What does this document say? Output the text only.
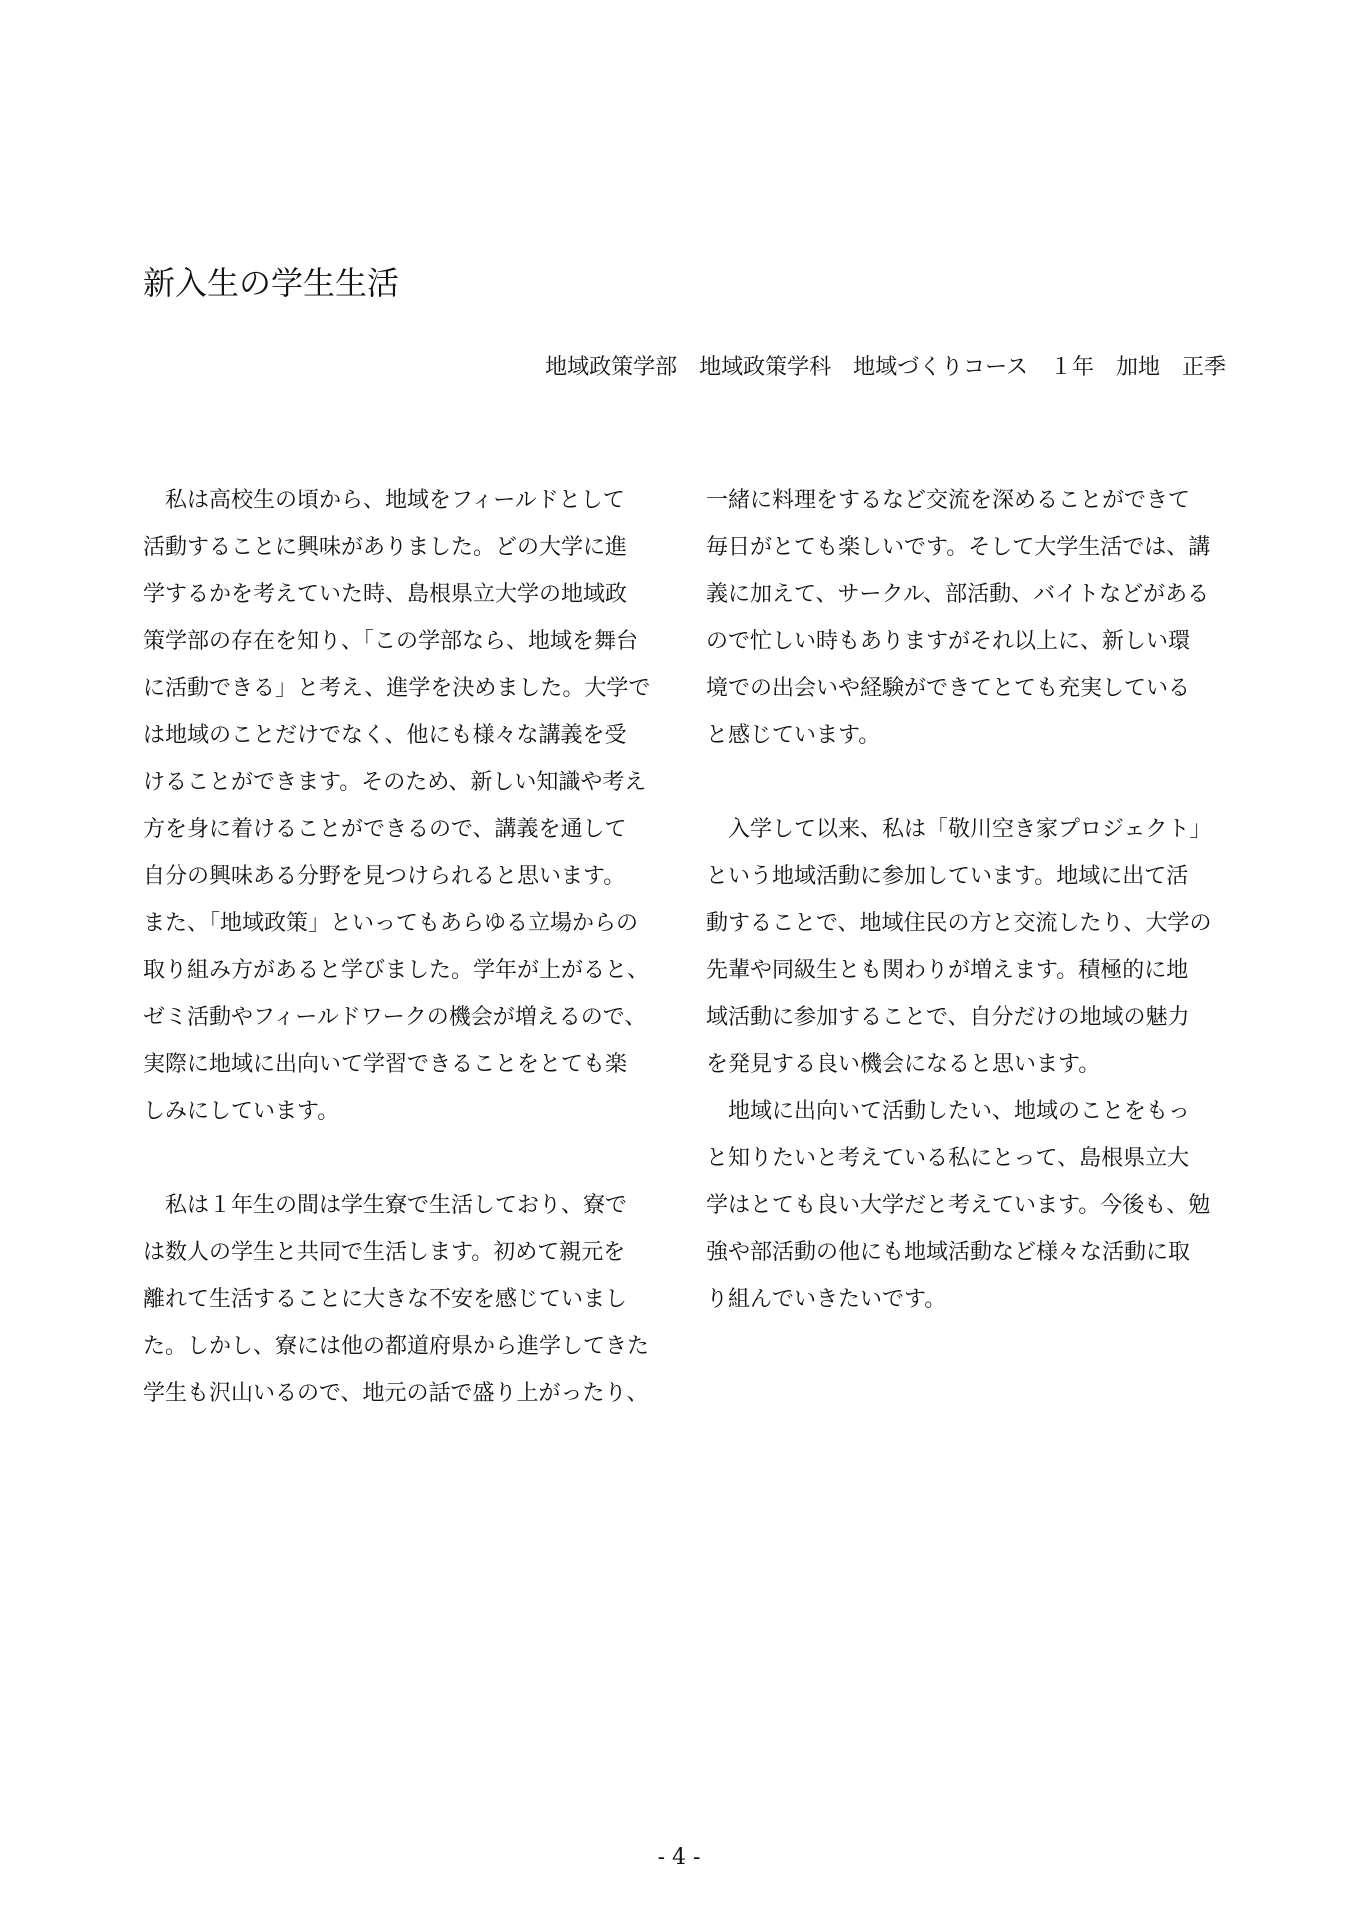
新入生の学生生活
地域政策学部　地域政策学科　地域づくりコース　１年　加地　正季
　私は高校生の頃から、地域をフィールドとして
活動することに興味がありました。どの大学に進
学するかを考えていた時、島根県立大学の地域政
策学部の存在を知り、「この学部なら、地域を舞台
に活動できる」と考え、進学を決めました。大学で
は地域のことだけでなく、他にも様々な講義を受
けることができます。そのため、新しい知識や考え
方を身に着けることができるので、講義を通して
自分の興味ある分野を見つけられると思います。
また、「地域政策」といってもあらゆる立場からの
取り組み方があると学びました。学年が上がると、
ゼミ活動やフィールドワークの機会が増えるので、
実際に地域に出向いて学習できることをとても楽
しみにしています。
　私は１年生の間は学生寮で生活しており、寮で
は数人の学生と共同で生活します。初めて親元を
離れて生活することに大きな不安を感じていまし
た。しかし、寮には他の都道府県から進学してきた
学生も沢山いるので、地元の話で盛り上がったり、
一緒に料理をするなど交流を深めることができて
毎日がとても楽しいです。そして大学生活では、講
義に加えて、サークル、部活動、バイトなどがある
ので忙しい時もありますがそれ以上に、新しい環
境での出会いや経験ができてとても充実している
と感じています。
　入学して以来、私は「敬川空き家プロジェクト」
という地域活動に参加しています。地域に出て活
動することで、地域住民の方と交流したり、大学の
先輩や同級生とも関わりが増えます。積極的に地
域活動に参加することで、自分だけの地域の魅力
を発見する良い機会になると思います。
　地域に出向いて活動したい、地域のことをもっ
と知りたいと考えている私にとって、島根県立大
学はとても良い大学だと考えています。今後も、勉
強や部活動の他にも地域活動など様々な活動に取
り組んでいきたいです。
- 4 -
